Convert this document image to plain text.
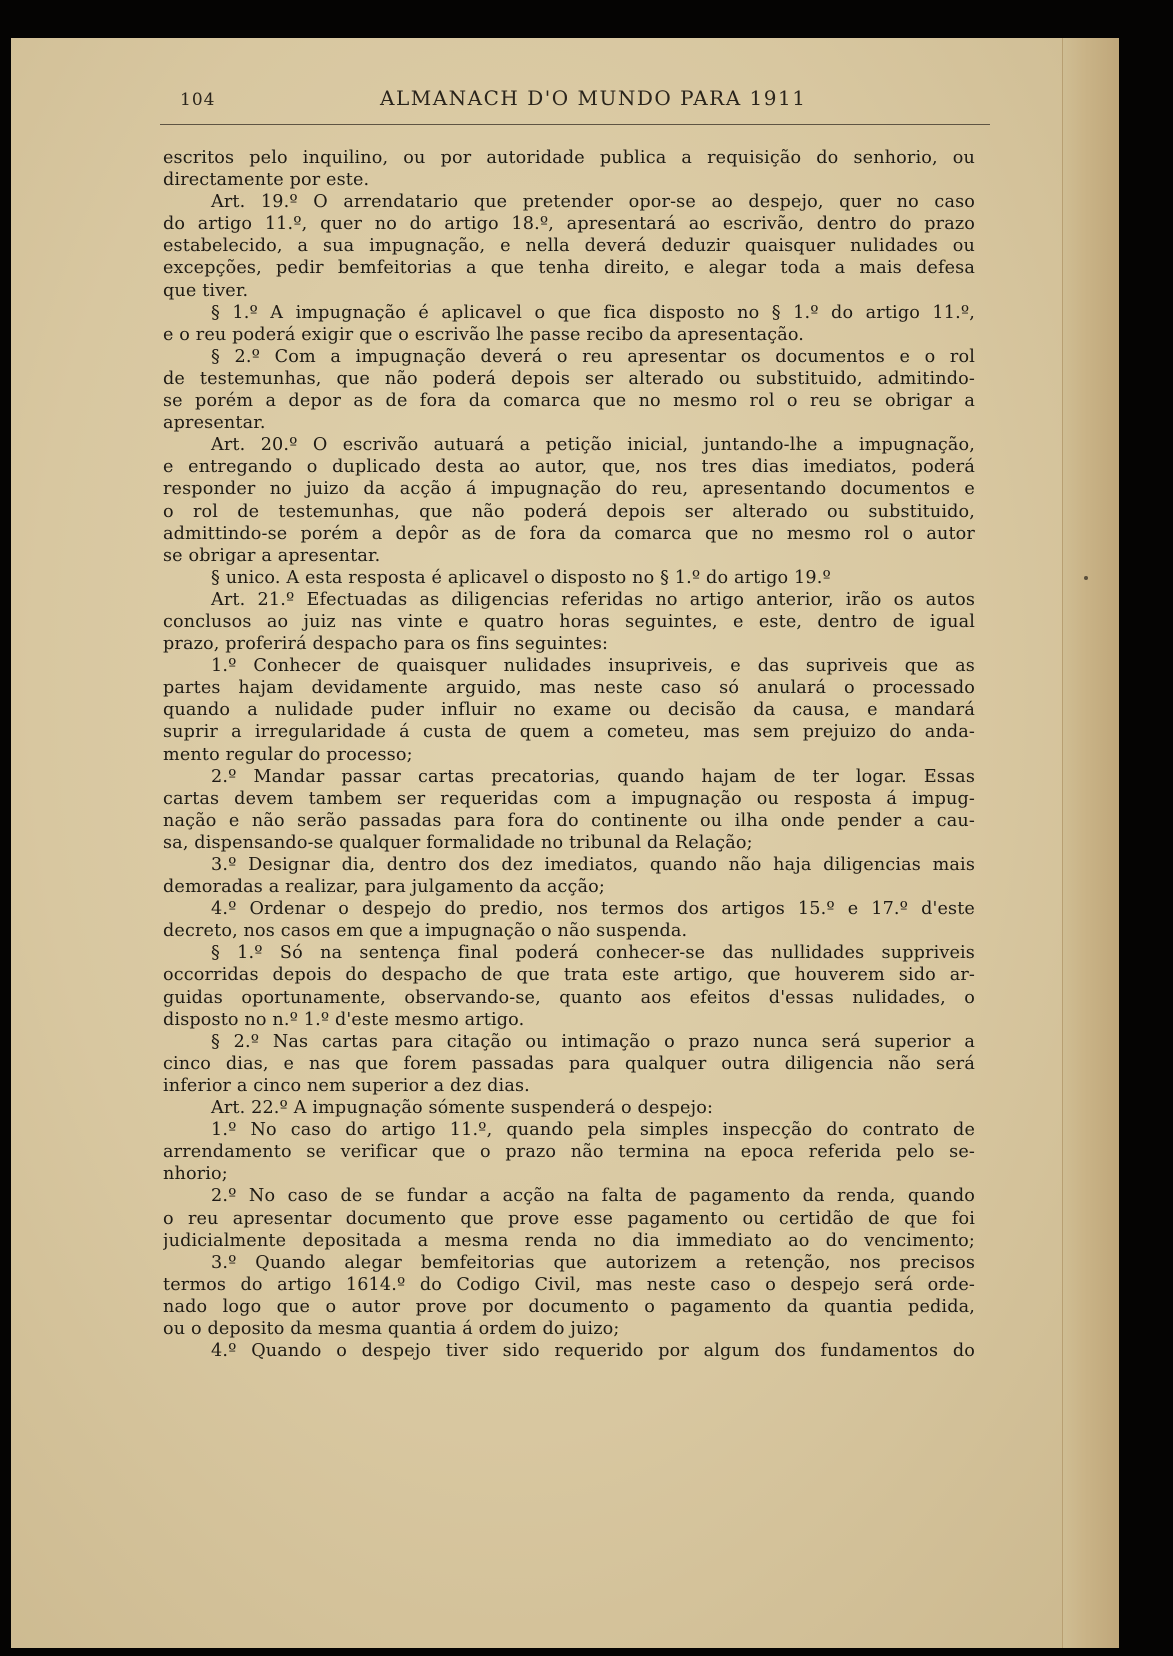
104	ALMANACH D'O MUNDO PARA 1911
escritos pelo inquilino, ou por autoridade publica a requisição do senhorio, ou
directamente por este.
Art. 19.º O arrendatario que pretender opor-se ao despejo, quer no caso
do artigo 11.º, quer no do artigo 18.º, apresentará ao escrivão, dentro do prazo
estabelecido, a sua impugnação, e nella deverá deduzir quaisquer nulidades ou
excepções, pedir bemfeitorias a que tenha direito, e alegar toda a mais defesa
que tiver.
§ 1.º A impugnação é aplicavel o que fica disposto no § 1.º do artigo 11.º,
e o reu poderá exigir que o escrivão lhe passe recibo da apresentação.
§ 2.º Com a impugnação deverá o reu apresentar os documentos e o rol
de testemunhas, que não poderá depois ser alterado ou substituido, admitindo-
se porém a depor as de fora da comarca que no mesmo rol o reu se obrigar a
apresentar.
Art. 20.º O escrivão autuará a petição inicial, juntando-lhe a impugnação,
e entregando o duplicado desta ao autor, que, nos tres dias imediatos, poderá
responder no juizo da acção á impugnação do reu, apresentando documentos e
o rol de testemunhas, que não poderá depois ser alterado ou substituido,
admittindo-se porém a depôr as de fora da comarca que no mesmo rol o autor
se obrigar a apresentar.
§ unico. A esta resposta é aplicavel o disposto no § 1.º do artigo 19.º
Art. 21.º Efectuadas as diligencias referidas no artigo anterior, irão os autos
conclusos ao juiz nas vinte e quatro horas seguintes, e este, dentro de igual
prazo, proferirá despacho para os fins seguintes:
1.º Conhecer de quaisquer nulidades insupriveis, e das supriveis que as
partes hajam devidamente arguido, mas neste caso só anulará o processado
quando a nulidade puder influir no exame ou decisão da causa, e mandará
suprir a irregularidade á custa de quem a cometeu, mas sem prejuizo do anda-
mento regular do processo;
2.º Mandar passar cartas precatorias, quando hajam de ter logar. Essas
cartas devem tambem ser requeridas com a impugnação ou resposta á impug-
nação e não serão passadas para fora do continente ou ilha onde pender a cau-
sa, dispensando-se qualquer formalidade no tribunal da Relação;
3.º Designar dia, dentro dos dez imediatos, quando não haja diligencias mais
demoradas a realizar, para julgamento da acção;
4.º Ordenar o despejo do predio, nos termos dos artigos 15.º e 17.º d'este
decreto, nos casos em que a impugnação o não suspenda.
§ 1.º Só na sentença final poderá conhecer-se das nullidades suppriveis
occorridas depois do despacho de que trata este artigo, que houverem sido ar-
guidas oportunamente, observando-se, quanto aos efeitos d'essas nulidades, o
disposto no n.º 1.º d'este mesmo artigo.
§ 2.º Nas cartas para citação ou intimação o prazo nunca será superior a
cinco dias, e nas que forem passadas para qualquer outra diligencia não será
inferior a cinco nem superior a dez dias.
Art. 22.º A impugnação sómente suspenderá o despejo:
1.º No caso do artigo 11.º, quando pela simples inspecção do contrato de
arrendamento se verificar que o prazo não termina na epoca referida pelo se-
nhorio;
2.º No caso de se fundar a acção na falta de pagamento da renda, quando
o reu apresentar documento que prove esse pagamento ou certidão de que foi
judicialmente depositada a mesma renda no dia immediato ao do vencimento;
3.º Quando alegar bemfeitorias que autorizem a retenção, nos precisos
termos do artigo 1614.º do Codigo Civil, mas neste caso o despejo será orde-
nado logo que o autor prove por documento o pagamento da quantia pedida,
ou o deposito da mesma quantia á ordem do juizo;
4.º Quando o despejo tiver sido requerido por algum dos fundamentos do
